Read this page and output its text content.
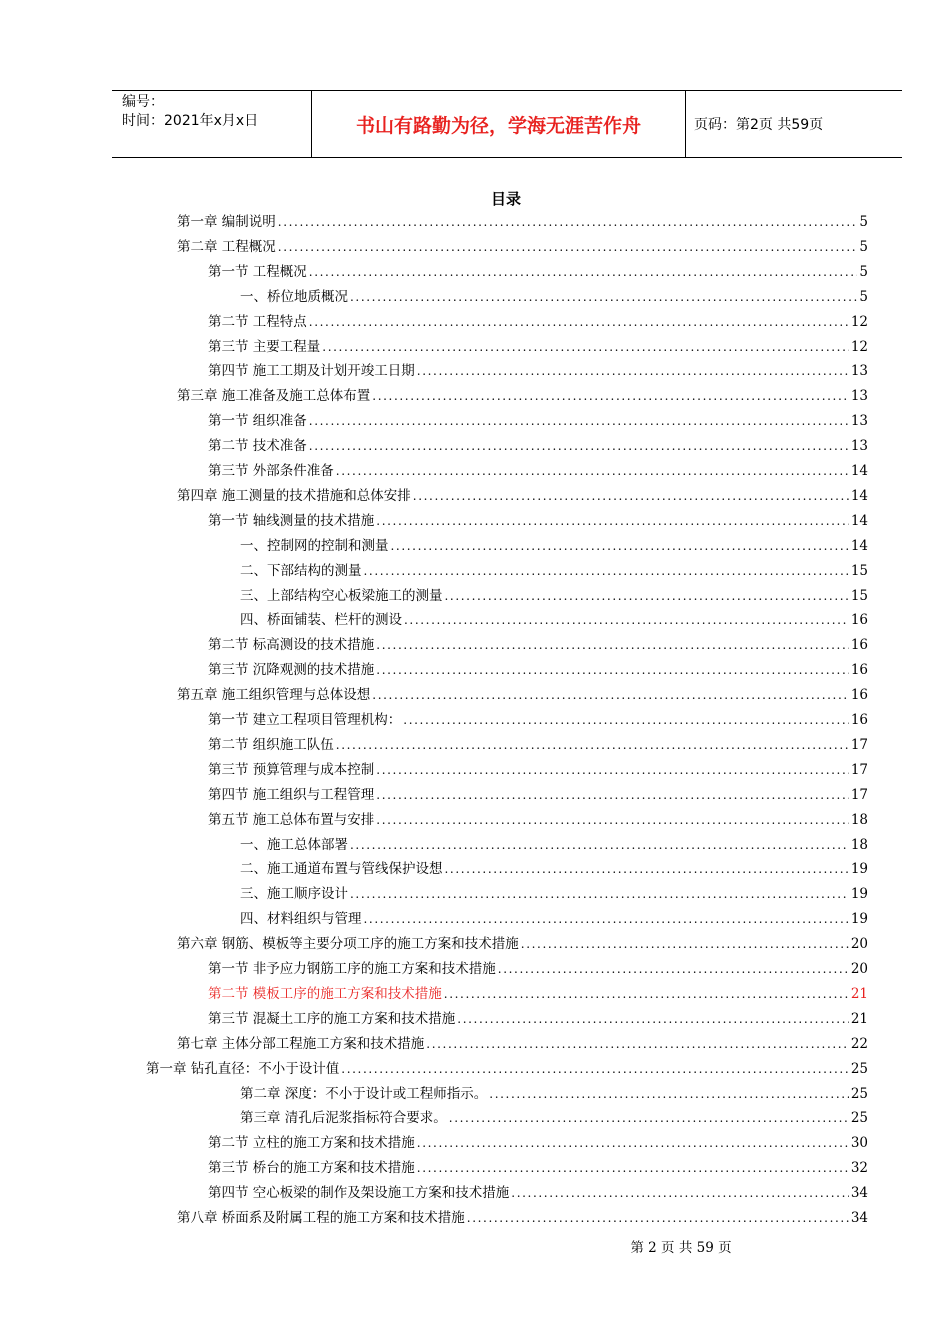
编号：
时间：2021年x月x日	书山有路勤为径，学海无涯苦作舟	页码：第2页 共59页
目录
第一章 编制说明 .....	5
第二章 工程概况 .....	5
第一节 工程概况 .....	5
一、桥位地质概况 .....	5
第二节 工程特点 .....	12
第三节 主要工程量 .....	12
第四节 施工工期及计划开竣工日期 .....	13
第三章 施工准备及施工总体布置 .....	13
第一节 组织准备 .....	13
第二节 技术准备 .....	13
第三节 外部条件准备 .....	14
第四章 施工测量的技术措施和总体安排 .....	14
第一节 轴线测量的技术措施 .....	14
一、控制网的控制和测量 .....	14
二、下部结构的测量 .....	15
三、上部结构空心板梁施工的测量 .....	15
四、桥面铺装、栏杆的测设 .....	16
第二节 标高测设的技术措施 .....	16
第三节 沉降观测的技术措施 .....	16
第五章 施工组织管理与总体设想 .....	16
第一节 建立工程项目管理机构： .....	16
第二节 组织施工队伍 .....	17
第三节 预算管理与成本控制 .....	17
第四节 施工组织与工程管理 .....	17
第五节 施工总体布置与安排 .....	18
一、施工总体部署 .....	18
二、施工通道布置与管线保护设想 .....	19
三、施工顺序设计 .....	19
四、材料组织与管理 .....	19
第六章 钢筋、模板等主要分项工序的施工方案和技术措施 .....	20
第一节 非予应力钢筋工序的施工方案和技术措施 .....	20
第二节 模板工序的施工方案和技术措施 .....	21
第三节 混凝土工序的施工方案和技术措施 .....	21
第七章 主体分部工程施工方案和技术措施 .....	22
第一章 钻孔直径：不小于设计值 .....	25
第二章 深度：不小于设计或工程师指示。 .....	25
第三章 清孔后泥浆指标符合要求。 .....	25
第二节 立柱的施工方案和技术措施 .....	30
第三节 桥台的施工方案和技术措施 .....	32
第四节 空心板梁的制作及架设施工方案和技术措施 .....	34
第八章 桥面系及附属工程的施工方案和技术措施 .....	34
第 2 页 共 59 页
